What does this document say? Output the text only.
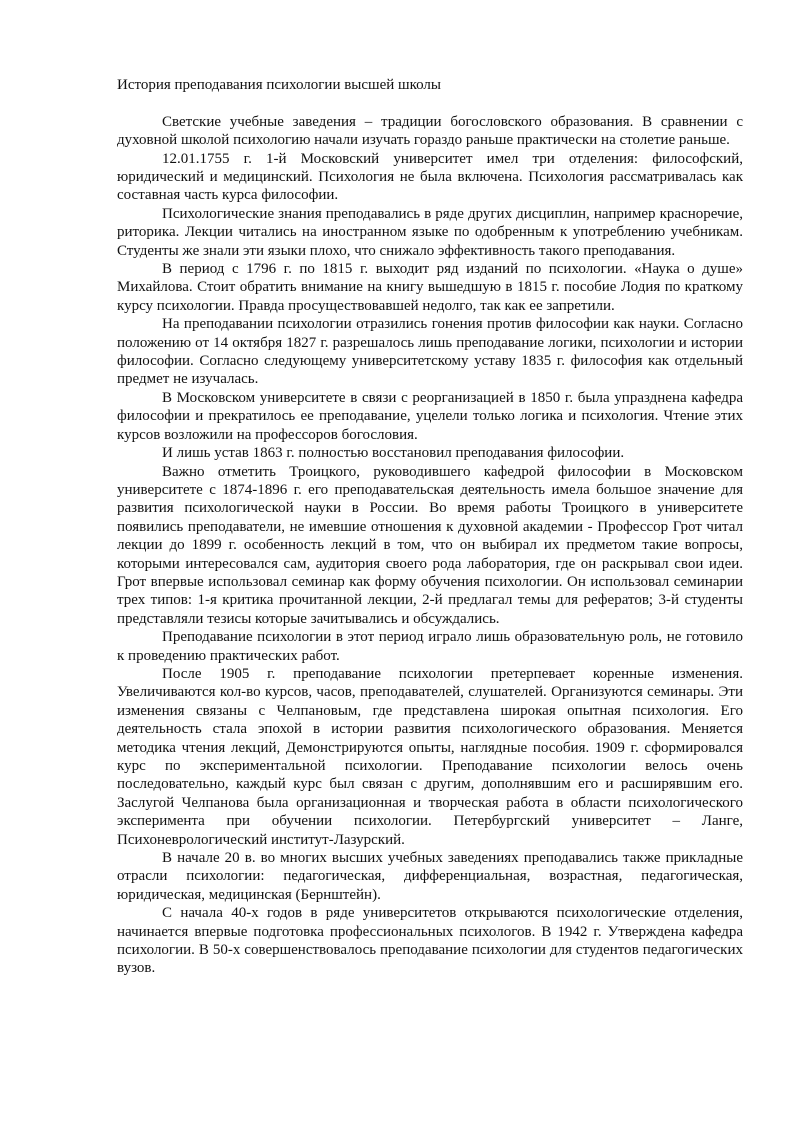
История преподавания психологии высшей школы

Светские учебные заведения – традиции богословского образования. В сравнении с духовной школой психологию начали изучать гораздо раньше практически на столетие раньше.

12.01.1755 г. 1-й Московский университет имел три отделения: философский, юридический и медицинский. Психология не была включена. Психология рассматривалась как составная часть курса философии.

Психологические знания преподавались в ряде других дисциплин, например красноречие, риторика. Лекции читались на иностранном языке по одобренным к употреблению учебникам. Студенты же знали эти языки плохо, что снижало эффективность такого преподавания.

В период с 1796 г. по 1815 г. выходит ряд изданий по психологии. «Наука о душе» Михайлова. Стоит обратить внимание на книгу вышедшую в 1815 г. пособие Лодия по краткому курсу психологии. Правда просуществовавшей недолго, так как ее запретили.

На преподавании психологии отразились гонения против философии как науки. Согласно положению от 14 октября 1827 г. разрешалось лишь преподавание логики, психологии и истории философии. Согласно следующему университетскому уставу 1835 г. философия как отдельный предмет не изучалась.

В Московском университете в связи с реорганизацией в 1850 г. была упразднена кафедра философии и прекратилось ее преподавание, уцелели только логика и психология. Чтение этих курсов возложили на профессоров богословия.

И лишь устав 1863 г. полностью восстановил преподавания философии.

Важно отметить Троицкого, руководившего кафедрой философии в Московском университете с 1874-1896 г. его преподавательская деятельность имела большое значение для развития психологической науки в России. Во время работы Троицкого в университете появились преподаватели, не имевшие отношения к духовной академии - Профессор Грот читал лекции до 1899 г. особенность лекций в том, что он выбирал их предметом такие вопросы, которыми интересовался сам, аудитория своего рода лаборатория, где он раскрывал свои идеи. Грот впервые использовал семинар как форму обучения психологии. Он использовал семинарии трех типов: 1-я критика прочитанной лекции, 2-й предлагал темы для рефератов; 3-й студенты представляли тезисы которые зачитывались и обсуждались.

Преподавание психологии в этот период играло лишь образовательную роль, не готовило к проведению практических работ.

После 1905 г. преподавание психологии претерпевает коренные изменения. Увеличиваются кол-во курсов, часов, преподавателей, слушателей. Организуются семинары. Эти изменения связаны с Челпановым, где представлена широкая опытная психология. Его деятельность стала эпохой в истории развития психологического образования. Меняется методика чтения лекций, Демонстрируются опыты, наглядные пособия. 1909 г. сформировался курс по экспериментальной психологии. Преподавание психологии велось очень последовательно, каждый курс был связан с другим, дополнявшим его и расширявшим его. Заслугой Челпанова была организационная и творческая работа в области психологического эксперимента при обучении психологии. Петербургский университет – Ланге, Психоневрологический институт-Лазурский.

В начале 20 в. во многих высших учебных заведениях преподавались также прикладные отрасли психологии: педагогическая, дифференциальная, возрастная, педагогическая, юридическая, медицинская (Бернштейн).

С начала 40-х годов в ряде университетов открываются психологические отделения, начинается впервые подготовка профессиональных психологов. В 1942 г. Утверждена кафедра психологии. В 50-х совершенствовалось преподавание психологии для студентов педагогических вузов.
